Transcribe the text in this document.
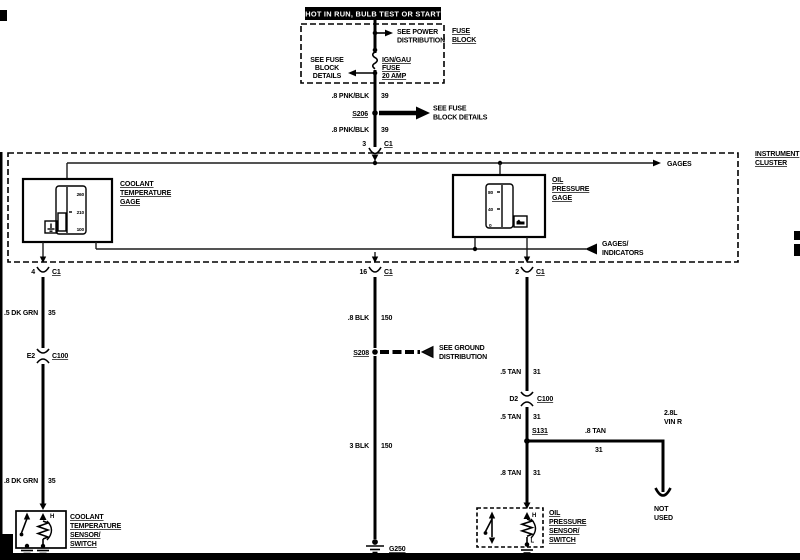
HOT IN RUN, BULB TEST OR START
SEE POWER
DISTRIBUTION
IGN/GAU
FUSE
20 AMP
SEE FUSE
BLOCK
DETAILS
FUSE
BLOCK
.8 PNK/BLK 39
S206
SEE FUSE
BLOCK DETAILS
.8 PNK/BLK 39
3	C1
INSTRUMENT
CLUSTER
GAGES
260
210
100
COOLANT
TEMPERATURE
GAGE
80
40
0
OIL
PRESSURE
GAGE
GAGES/
INDICATORS
4 C1	16 C1	2 C1
.5 DK GRN 35
E2 C100
.8 DK GRN 35
H COOLANT
TEMPERATURE
SENSOR/
SWITCH
.8 BLK 150
S208
SEE GROUND
DISTRIBUTION
3 BLK 150
G250
.5 TAN 31
D2	C100
.5 TAN 31
S131	.8 TAN
31
2.8L
VIN R
NOT
USED
.8 TAN 31
H
L
OIL
PRESSURE
SENSOR/
SWITCH
